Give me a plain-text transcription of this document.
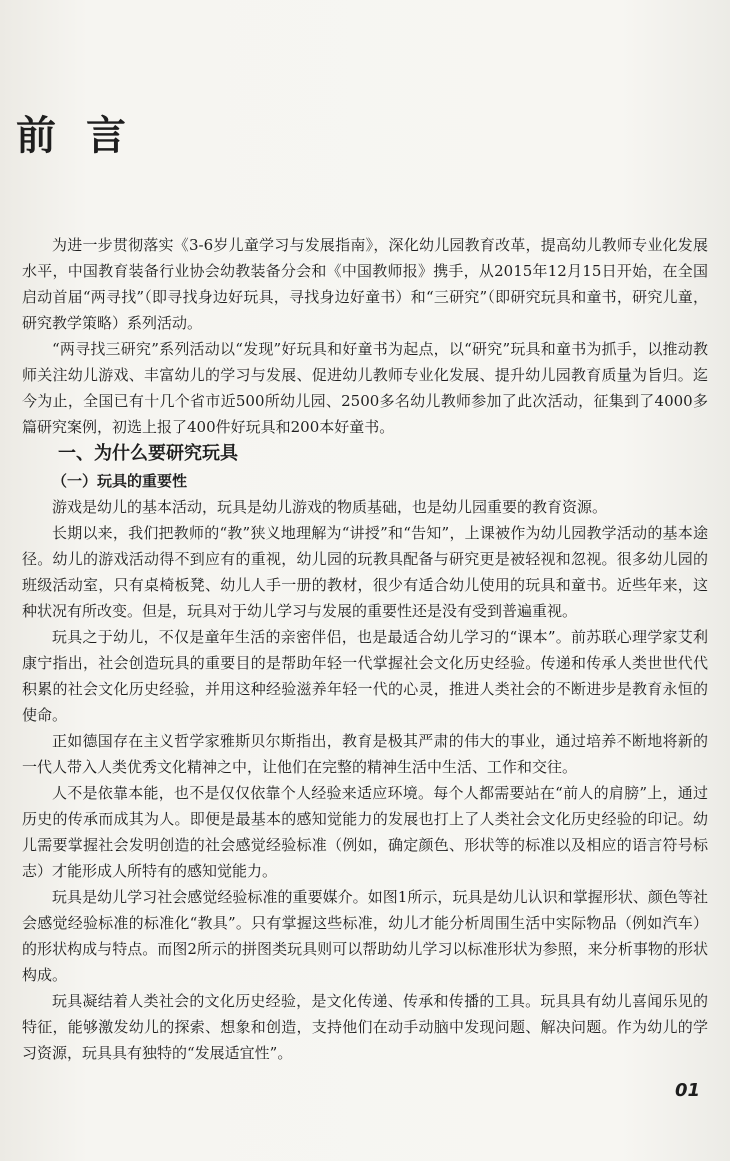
前言

为进一步贯彻落实《3-6岁儿童学习与发展指南》，深化幼儿园教育改革，提高幼儿教师专业化发展水平，中国教育装备行业协会幼教装备分会和《中国教师报》携手，从2015年12月15日开始，在全国启动首届“两寻找”（即寻找身边好玩具，寻找身边好童书）和“三研究”（即研究玩具和童书，研究儿童，研究教学策略）系列活动。

“两寻找三研究”系列活动以“发现”好玩具和好童书为起点，以“研究”玩具和童书为抓手，以推动教师关注幼儿游戏、丰富幼儿的学习与发展、促进幼儿教师专业化发展、提升幼儿园教育质量为旨归。迄今为止，全国已有十几个省市近500所幼儿园、2500多名幼儿教师参加了此次活动，征集到了4000多篇研究案例，初选上报了400件好玩具和200本好童书。

一、为什么要研究玩具

（一）玩具的重要性

游戏是幼儿的基本活动，玩具是幼儿游戏的物质基础，也是幼儿园重要的教育资源。

长期以来，我们把教师的“教”狭义地理解为“讲授”和“告知”，上课被作为幼儿园教学活动的基本途径。幼儿的游戏活动得不到应有的重视，幼儿园的玩教具配备与研究更是被轻视和忽视。很多幼儿园的班级活动室，只有桌椅板凳、幼儿人手一册的教材，很少有适合幼儿使用的玩具和童书。近些年来，这种状况有所改变。但是，玩具对于幼儿学习与发展的重要性还是没有受到普遍重视。

玩具之于幼儿，不仅是童年生活的亲密伴侣，也是最适合幼儿学习的“课本”。前苏联心理学家艾利康宁指出，社会创造玩具的重要目的是帮助年轻一代掌握社会文化历史经验。传递和传承人类世世代代积累的社会文化历史经验，并用这种经验滋养年轻一代的心灵，推进人类社会的不断进步是教育永恒的使命。

正如德国存在主义哲学家雅斯贝尔斯指出，教育是极其严肃的伟大的事业，通过培养不断地将新的一代人带入人类优秀文化精神之中，让他们在完整的精神生活中生活、工作和交往。

人不是依靠本能，也不是仅仅依靠个人经验来适应环境。每个人都需要站在“前人的肩膀”上，通过历史的传承而成其为人。即便是最基本的感知觉能力的发展也打上了人类社会文化历史经验的印记。幼儿需要掌握社会发明创造的社会感觉经验标准（例如，确定颜色、形状等的标准以及相应的语言符号标志）才能形成人所特有的感知觉能力。

玩具是幼儿学习社会感觉经验标准的重要媒介。如图1所示，玩具是幼儿认识和掌握形状、颜色等社会感觉经验标准的标准化“教具”。只有掌握这些标准，幼儿才能分析周围生活中实际物品（例如汽车）的形状构成与特点。而图2所示的拼图类玩具则可以帮助幼儿学习以标准形状为参照，来分析事物的形状构成。

玩具凝结着人类社会的文化历史经验，是文化传递、传承和传播的工具。玩具具有幼儿喜闻乐见的特征，能够激发幼儿的探索、想象和创造，支持他们在动手动脑中发现问题、解决问题。作为幼儿的学习资源，玩具具有独特的“发展适宜性”。

01
